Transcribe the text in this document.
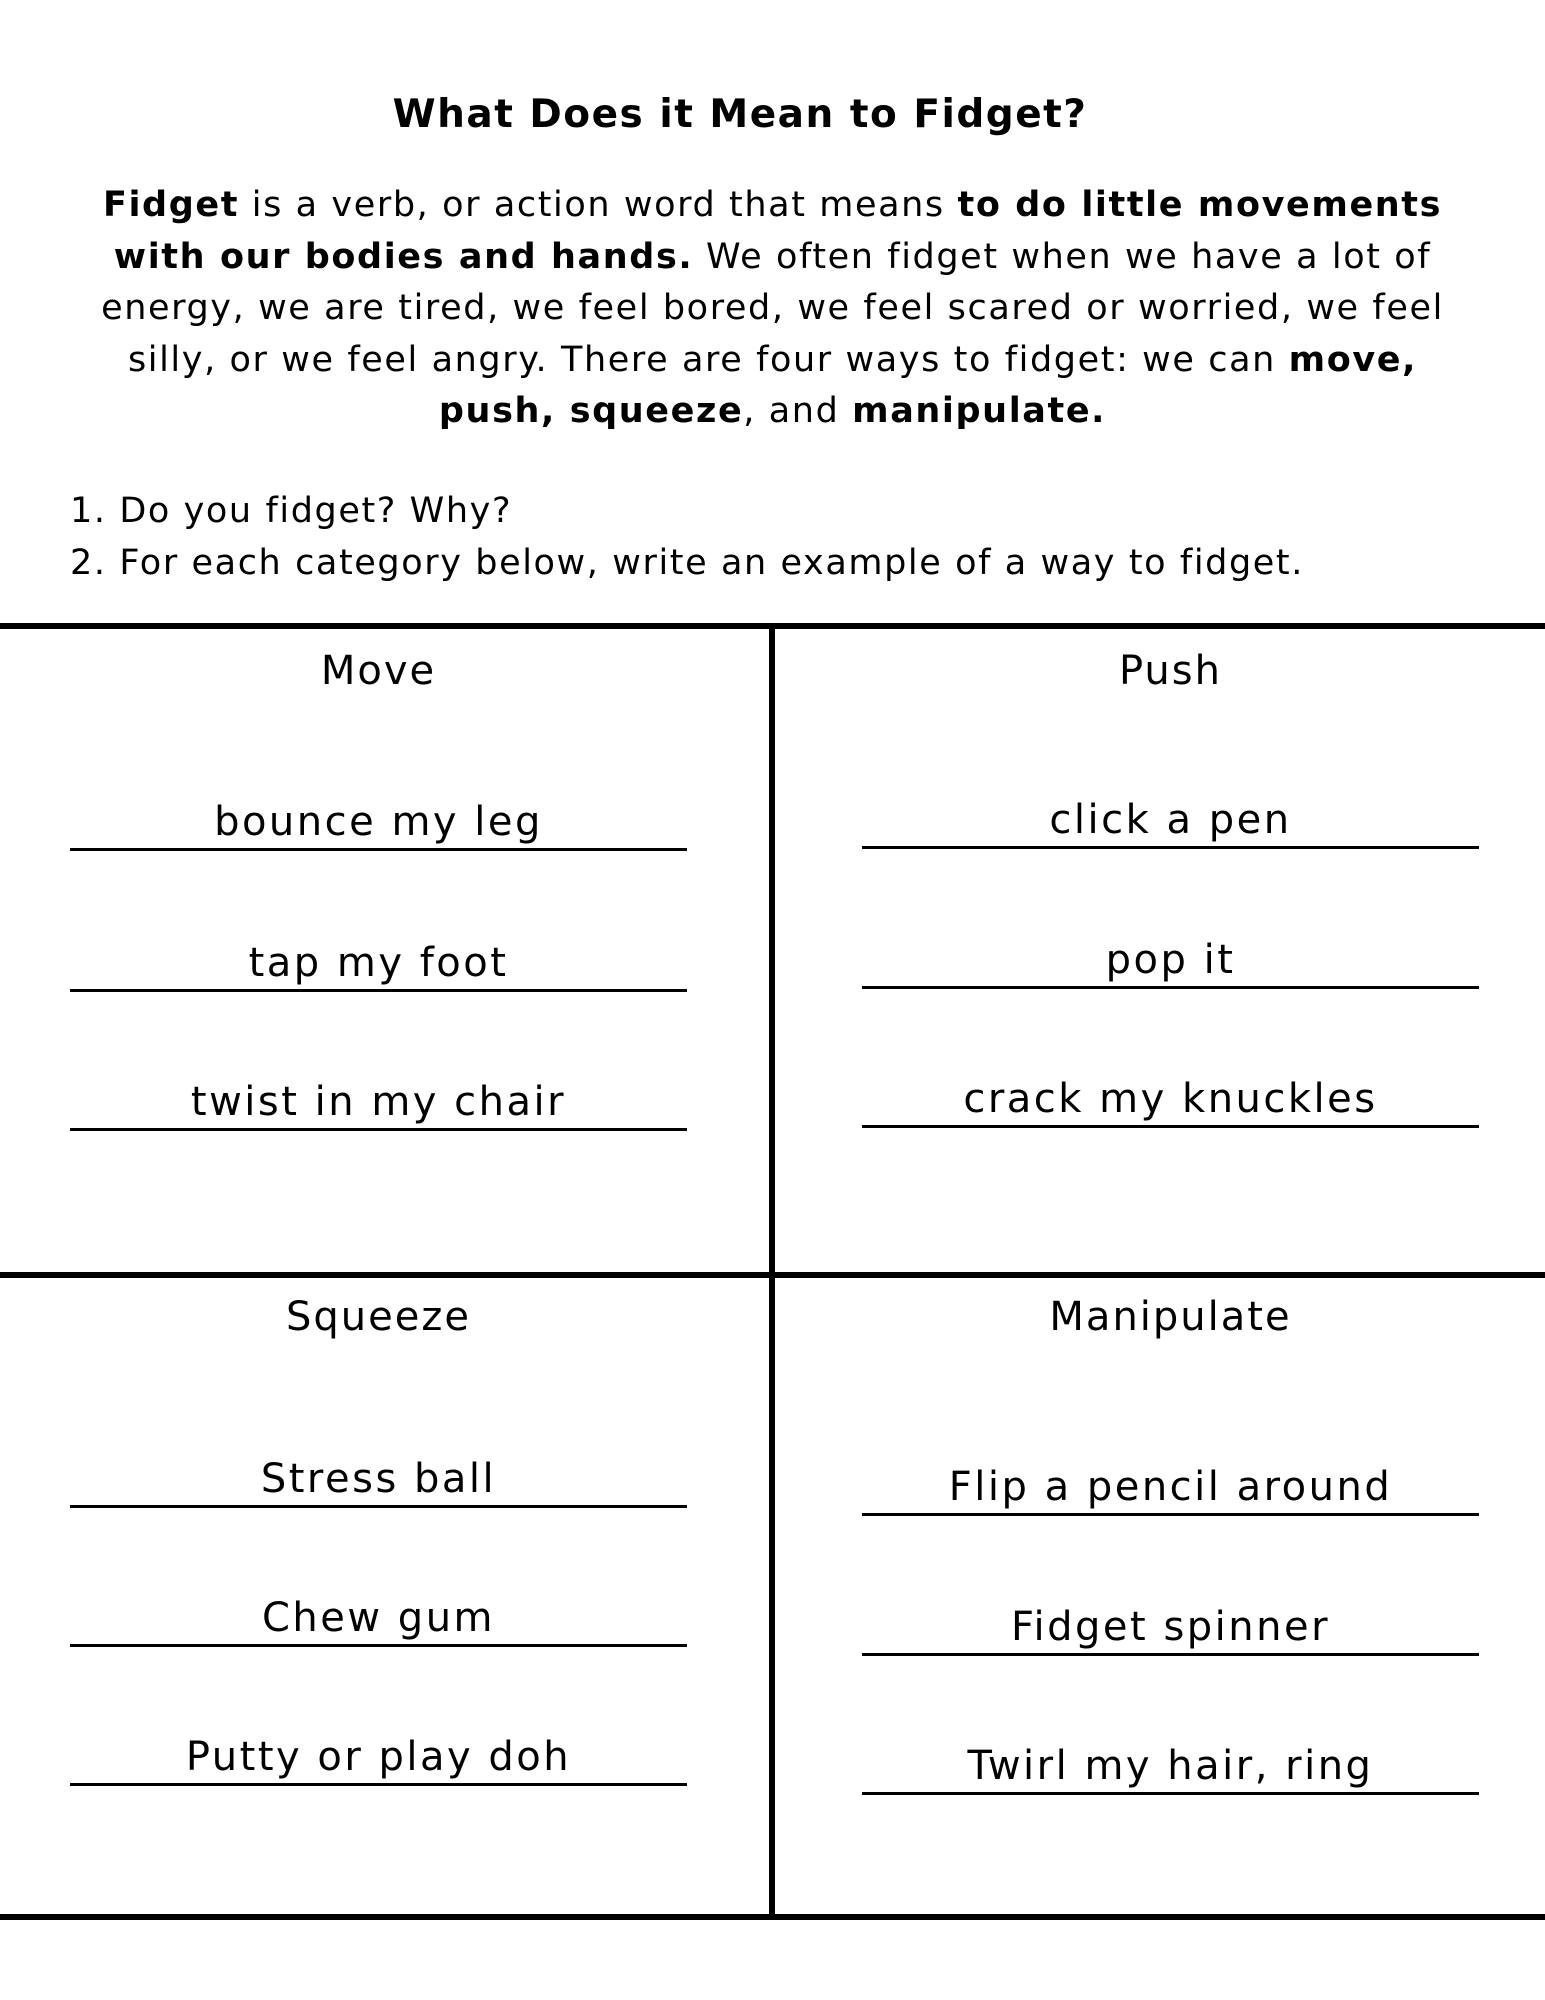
What Does it Mean to Fidget?
Fidget is a verb, or action word that means to do little movements with our bodies and hands. We often fidget when we have a lot of energy, we are tired, we feel bored, we feel scared or worried, we feel silly, or we feel angry. There are four ways to fidget: we can move, push, squeeze, and manipulate.
1. Do you fidget? Why?
2. For each category below, write an example of a way to fidget.
Move
bounce my leg
tap my foot
twist in my chair
Push
click a pen
pop it
crack my knuckles
Squeeze
Stress ball
Chew gum
Putty or play doh
Manipulate
Flip a pencil around
Fidget spinner
Twirl my hair, ring
